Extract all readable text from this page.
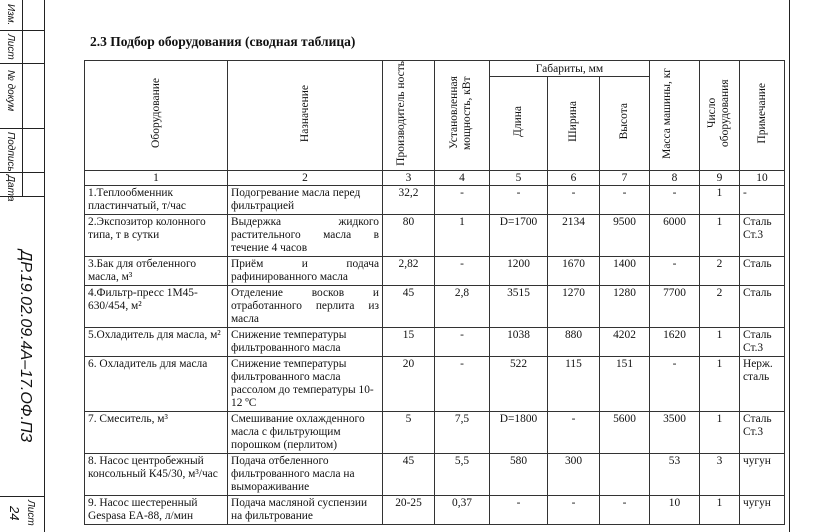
Изм.
Лист
№ докум
Подпись
Дата
ДР.19.02.09.4А–17.ОФ.ПЗ
Лист
24
2.3 Подбор оборудования (сводная таблица)
Оборудование	Назначение	Производитель ность	Установленная мощность, кВт	Габариты, мм			Масса машины, кг	Число оборудования	Примечание
				Длина	Ширина	Высота			
1	2	3	4	5	6	7	8	9	10
1.Теплообменник пластинчатый, т/час	Подогревание масла перед фильтрацией	32,2	-	-	-	-	-	1	-
2.Экспозитор колонного типа, т в сутки	Выдержка жидкого растительного масла в течение 4 часов	80	1	D=1700	2134	9500	6000	1	Сталь Ст.3
3.Бак для отбеленного масла, м³	Приём и подача рафинированного масла	2,82	-	1200	1670	1400	-	2	Сталь
4.Фильтр-пресс 1М45-630/454, м²	Отделение восков и отработанного перлита из масла	45	2,8	3515	1270	1280	7700	2	Сталь
5.Охладитель для масла, м²	Снижение температуры фильтрованного масла	15	-	1038	880	4202	1620	1	Сталь Ст.3
6. Охладитель для масла	Снижение температуры фильтрованного масла рассолом до температуры 10-12 ºС	20	-	522	115	151	-	1	Нерж. сталь
7. Смеситель, м³	Смешивание охлажденного масла с фильтрующим порошком (перлитом)	5	7,5	D=1800	-	5600	3500	1	Сталь Ст.3
8. Насос центробежный консольный К45/30, м³/час	Подача отбеленного фильтрованного масла на вымораживание	45	5,5	580	300		53	3	чугун
9. Насос шестеренный Gespasa EA-88, л/мин	Подача масляной суспензии на фильтрование	20-25	0,37	-	-	-	10	1	чугун
